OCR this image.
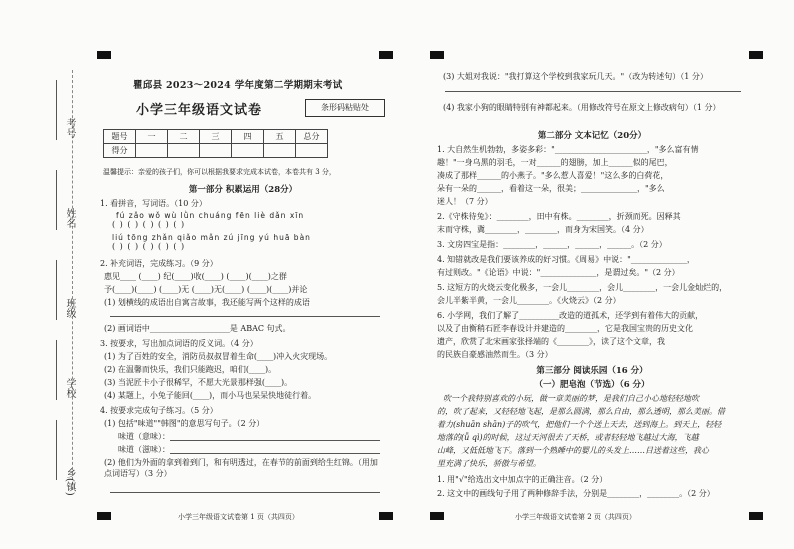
考号
姓名
班级
学校
乡(镇)
瞿邱县 2023～2024 学年度第二学期期末考试
小学三年级语文试卷	条形码粘贴处
题号	一	二	三	四	五	总分
得分						
温馨提示：亲爱的孩子们，你可以根据我要求完成本试卷，本卷共有 3 分，
第一部分 积累运用（28分）
1. 看拼音，写词语。（10 分）
fú zǎo wǒ wù lǜn chuáng fēn liè dǎn xīn
( ) ( ) ( ) ( ) ( )
liú tōng zhǎn qiǎo mǎn zú jīng yú huā bàn
( ) ( ) ( ) ( ) ( )
2. 补充词语，完成练习。（9 分）
惠见____ (____) 纪(____)收(____) (____)(____)之群
予(____)(____) (____)无 (____)无(____) (____)(____)并论
(1) 划横线的成语出自寓言故事，我还能写两个这样的成语
(2) 画词语中____________________是 ABAC 句式。
3. 按要求，写出加点词语的反义词。（4 分）
(1) 为了百姓的安全，消防员叔叔冒着生命(____)冲入火灾现场。
(2) 在温馨而快乐，我们只能跑迟，咱们(____)。
(3) 当泥匠卡小子很稀罕，不愿大光景那样强(____)。
(4) 某题上，小兔子能回(____)，而小马也呆呆快地徒行着。
4. 按要求完成句子练习。（5 分）
(1) 包括"味道""韩图"的意思写句子。（2 分）
味道（意味）：
味道（滋味）：
(2) 他们为外面的拿到着到门，和有明透过，在春节的前面到给生红锦。（用加点词语写）（3 分）
小学三年级语文试卷第 1 页（共四页）
(3) 大姐对我说："我打算这个学校到我家玩几天。"（改为转述句）（1 分）
(4) 我家小狗的眼睛特别有神都起来。（用修改符号在原文上修改病句）（1 分）
第二部分 文本记忆（20分）
1. 大自然生机勃勃，多姿多彩："_______________________，"多么富有情
趣！"一身乌黑的羽毛，一对______的翅膀，加上______似的尾巴，
凑成了那样______的小燕子。"多么惹人喜爱！"这么多的白荷花，
朵有一朵的______，看着这一朵，很美；______________，"多么
迷人！（7 分）
2.《守株待兔》：________，田中有株。________，折颈而死。因释其
末而守株，冀________，________，而身为宋国笑。（4 分）
3. 文房四宝是指：________，______，______，______。（2 分）
4. 知错就改是我们要该养成的好习惯。《周易》中说："______________，
有过则改。"《论语》中说："______________，是谓过矣。"（2 分）
5. 这短方的火烧云变化极多，一会儿________，会儿________，一会儿金灿烂的，
会儿半紫半黄，一会儿________。《火烧云》（2 分）
6. 小学网，我们了解了__________改造的道孤术，还学到有着伟大的贡献，
以及了由衡稍石匠李春设计并建造的________，它是我国宝贵的历史文化
遗产，欣赏了北宋画家张择端的《________》，读了这个文章，我
的民族自豪感油然而生。（3 分）
第三部分 阅读乐园（16 分）
（一）肥皂泡（节选）（6 分）
吹一个我特别喜欢的小玩，做一章美丽的梦，是我们自己小心地轻轻地吹
的，吹了起来，又轻轻地飞起，是那么圆满，那么自由，那么透明，那么美丽。借
着力(shuān shān)子的吹气，把他们一个个送上天去，送到海上。到天上，轻轻
地落的(ǚ qì)的时候，这过天河很去了天桥，或者轻轻地飞越过大海，飞越
山峰，又低低地飞下。落到一个熟睡中的婴儿的头发上……目送着这些，我心
里充满了快乐，骄傲与希望。
1. 用"√"给选出文中加点字的正确注音。（2 分）
2. 这文中的画线句子用了两种修辞手法，分别是________，________。（2 分）
小学三年级语文试卷第 2 页（共四页）
